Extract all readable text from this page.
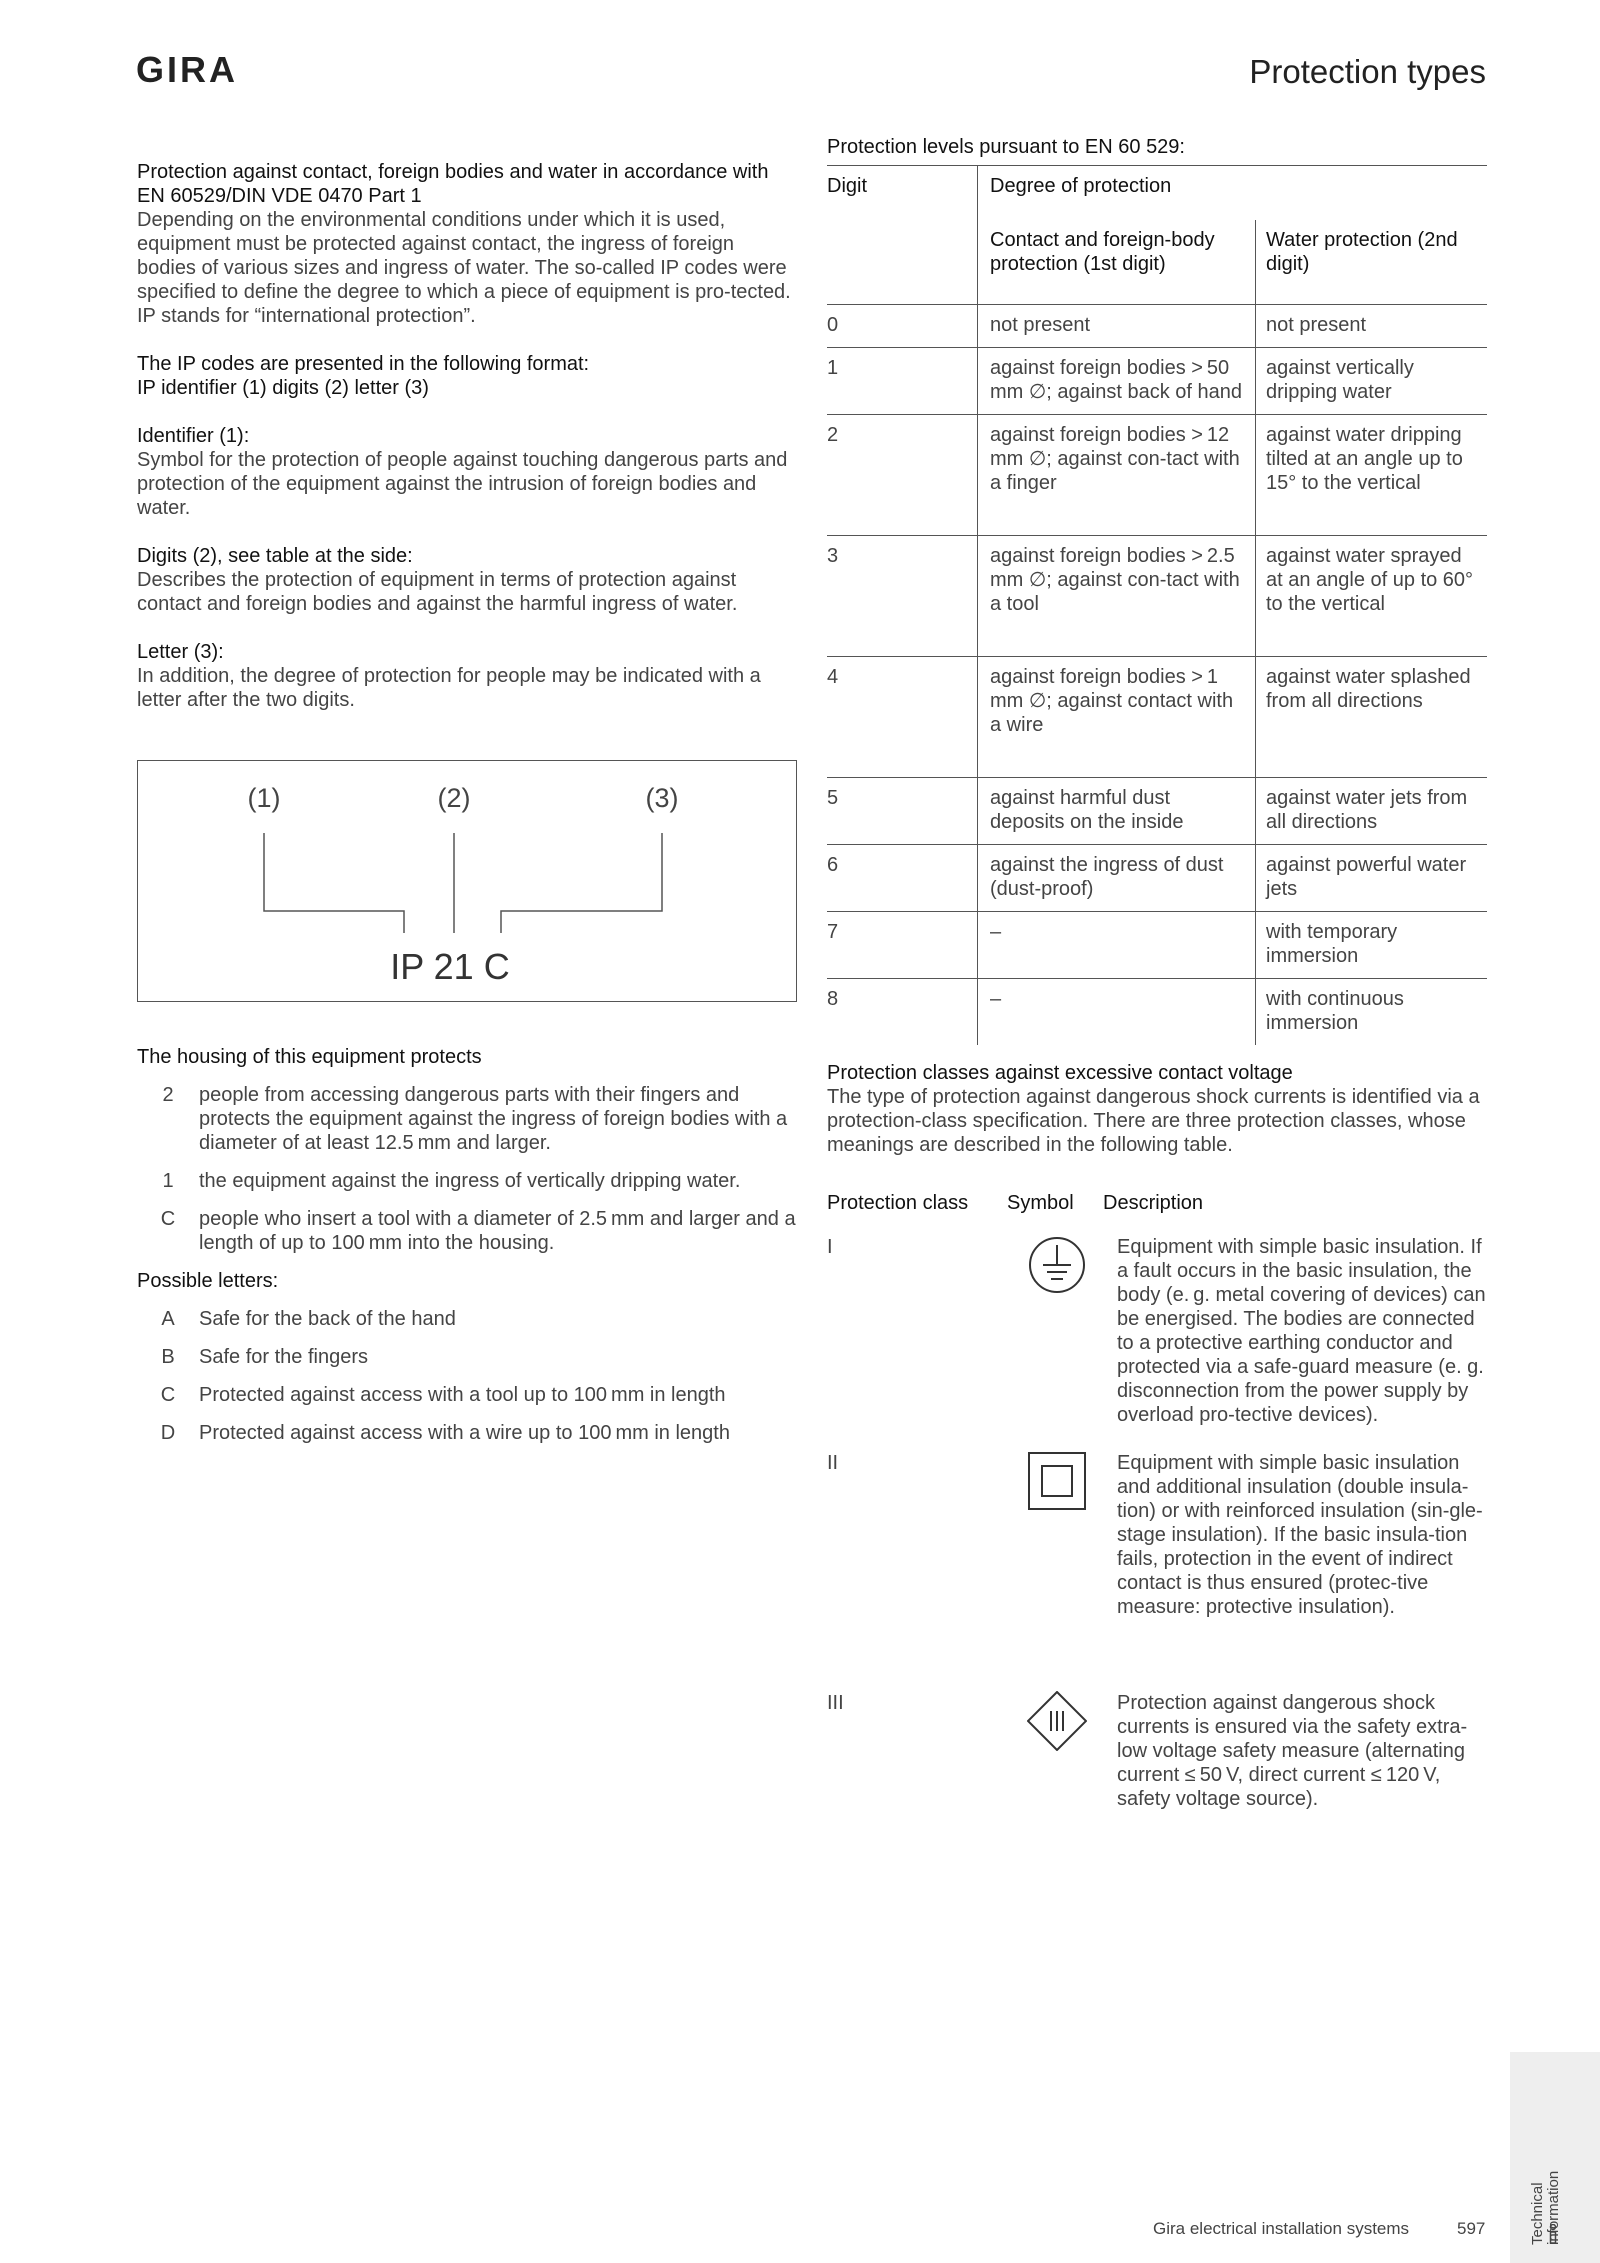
GIRA	Protection types
Protection against contact, foreign bodies and water in accordance with EN 60529/DIN VDE 0470 Part 1
Depending on the environmental conditions under which it is used, equipment must be protected against contact, the ingress of foreign bodies of various sizes and ingress of water. The so-called IP codes were specified to define the degree to which a piece of equipment is pro-tected. IP stands for “international protection”.
The IP codes are presented in the following format:
IP identifier (1) digits (2) letter (3)
Identifier (1):
Symbol for the protection of people against touching dangerous parts and protection of the equipment against the intrusion of foreign bodies and water.
Digits (2), see table at the side:
Describes the protection of equipment in terms of protection against contact and foreign bodies and against the harmful ingress of water.
Letter (3):
In addition, the degree of protection for people may be indicated with a letter after the two digits.
(1)	(2)	(3)
IP 21 C
The housing of this equipment protects
2	people from accessing dangerous parts with their fingers and protects the equipment against the ingress of foreign bodies with a diameter of at least 12.5 mm and larger.
1	the equipment against the ingress of vertically dripping water.
C	people who insert a tool with a diameter of 2.5 mm and larger and a length of up to 100 mm into the housing.
Possible letters:
A	Safe for the back of the hand
B	Safe for the fingers
C	Protected against access with a tool up to 100 mm in length
D	Protected against access with a wire up to 100 mm in length
Protection levels pursuant to EN 60 529:
Digit	Degree of protection	
	Contact and foreign-body protection (1st digit)	Water protection (2nd digit)
0	not present	not present
1	against foreign bodies > 50 mm ∅; against back of hand	against vertically dripping water
2	against foreign bodies > 12 mm ∅; against con-tact with a finger	against water dripping tilted at an angle up to 15° to the vertical
3	against foreign bodies > 2.5 mm ∅; against con-tact with a tool	against water sprayed at an angle of up to 60° to the vertical
4	against foreign bodies > 1 mm ∅; against contact with a wire	against water splashed from all directions
5	against harmful dust deposits on the inside	against water jets from all directions
6	against the ingress of dust (dust-proof)	against powerful water jets
7	–	with temporary immersion
8	–	with continuous immersion
Protection classes against excessive contact voltage
The type of protection against dangerous shock currents is identified via a protection-class specification. There are three protection classes, whose meanings are described in the following table.
Protection class	Symbol	Description
I	Equipment with simple basic insulation. If a fault occurs in the basic insulation, the body (e. g. metal covering of devices) can be energised. The bodies are connected to a protective earthing conductor and protected via a safe-guard measure (e. g. disconnection from the power supply by overload pro-tective devices).
II	Equipment with simple basic insulation and additional insulation (double insula-tion) or with reinforced insulation (sin-gle-stage insulation). If the basic insula-tion fails, protection in the event of indirect contact is thus ensured (protec-tive measure: protective insulation).
III	Protection against dangerous shock currents is ensured via the safety extra-low voltage safety measure (alternating current ≤ 50 V, direct current ≤ 120 V, safety voltage source).
Technical information
Gira electrical installation systems	597
